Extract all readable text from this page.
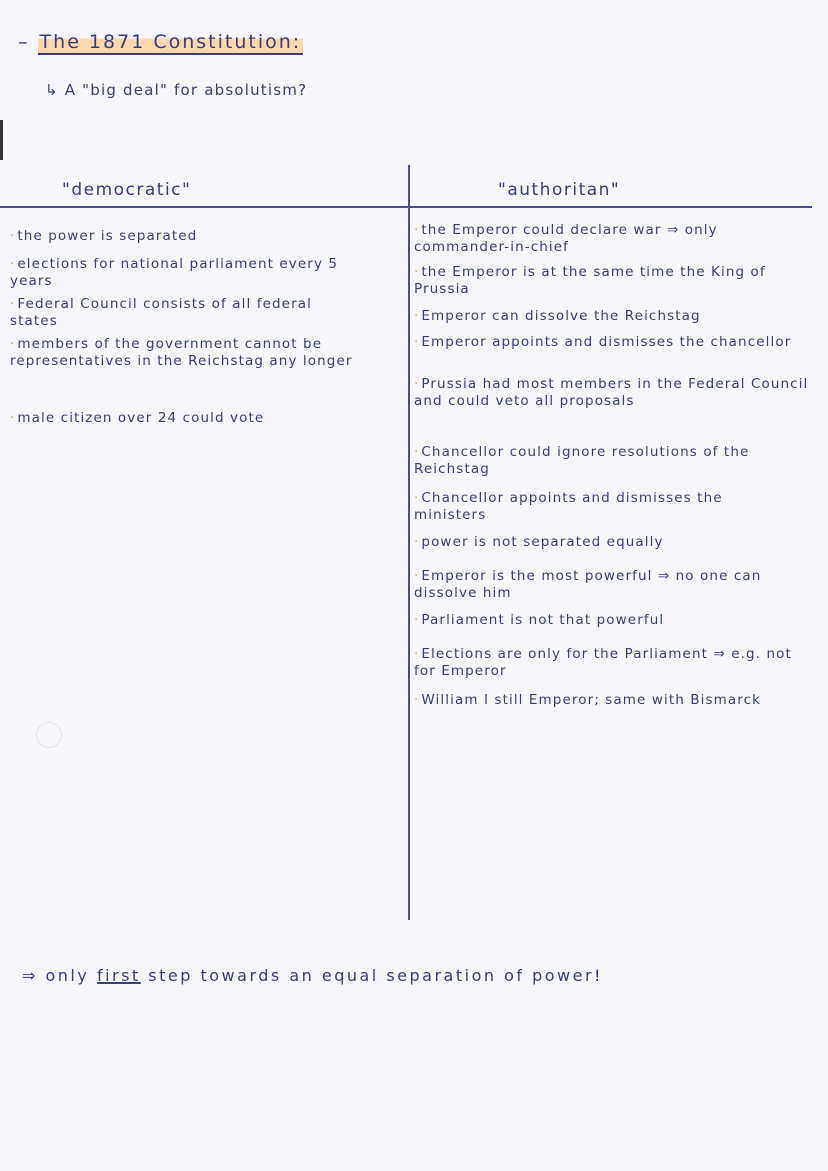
– The 1871 Constitution:
↳ A "big deal" for absolutism?
"democratic"	"authoritan"
· the power is separated
· elections for national parliament every 5 years
· Federal Council consists of all federal states
· members of the government cannot be representatives in the Reichstag any longer
· male citizen over 24 could vote
· the Emperor could declare war ⇒ only commander-in-chief
· the Emperor is at the same time the King of Prussia
· Emperor can dissolve the Reichstag
· Emperor appoints and dismisses the chancellor
· Prussia had most members in the Federal Council and could veto all proposals
· Chancellor could ignore resolutions of the Reichstag
· Chancellor appoints and dismisses the ministers
· power is not separated equally
· Emperor is the most powerful ⇒ no one can dissolve him
· Parliament is not that powerful
· Elections are only for the Parliament ⇒ e.g. not for Emperor
· William I still Emperor; same with Bismarck
⇒ only first step towards an equal separation of power!
